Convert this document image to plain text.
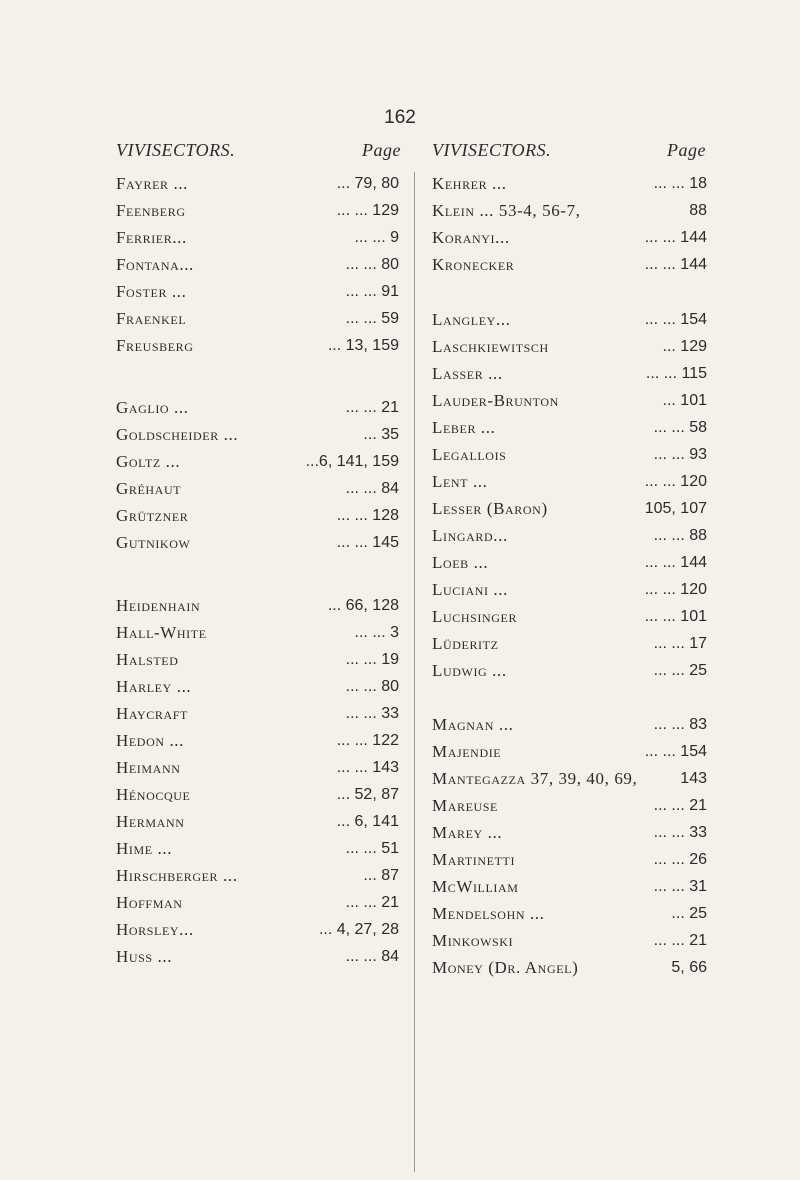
162
VIVISECTORS.	Page VIVISECTORS.	Page
Fayrer ...	... 79, 80
Feenberg	... ... 129
Ferrier...	... ... 9
Fontana...	... ... 80
Foster ...	... ... 91
Fraenkel	... ... 59
Freusberg	... 13, 159
Gaglio ...	... ... 21
Goldscheider ...	... 35
Goltz ...	...6, 141, 159
Gréhaut	... ... 84
Grützner	... ... 128
Gutnikow	... ... 145
Heidenhain	... 66, 128
Hall-White	... ... 3
Halsted	... ... 19
Harley ...	... ... 80
Haycraft	... ... 33
Hedon ...	... ... 122
Heimann	... ... 143
Hénocque	... 52, 87
Hermann	... 6, 141
Hime ...	... ... 51
Hirschberger ...	... 87
Hoffman	... ... 21
Horsley...	... 4, 27, 28
Huss ...	... ... 84
Kehrer ...	... ... 18
Klein ... 53-4, 56-7,	88
Koranyi...	... ... 144
Kronecker	... ... 144
Langley...	... ... 154
Laschkiewitsch	... 129
Lasser ...	... ... 115
Lauder-Brunton	... 101
Leber ...	... ... 58
Legallois	... ... 93
Lent ...	... ... 120
Lesser (Baron)	105, 107
Lingard...	... ... 88
Loeb ...	... ... 144
Luciani ...	... ... 120
Luchsinger	... ... 101
Lüderitz	... ... 17
Ludwig ...	... ... 25
Magnan ...	... ... 83
Majendie	... ... 154
Mantegazza 37, 39, 40, 69,	143
Mareuse	... ... 21
Marey ...	... ... 33
Martinetti	... ... 26
McWilliam	... ... 31
Mendelsohn ...	... 25
Minkowski	... ... 21
Money (Dr. Angel)	5, 66
